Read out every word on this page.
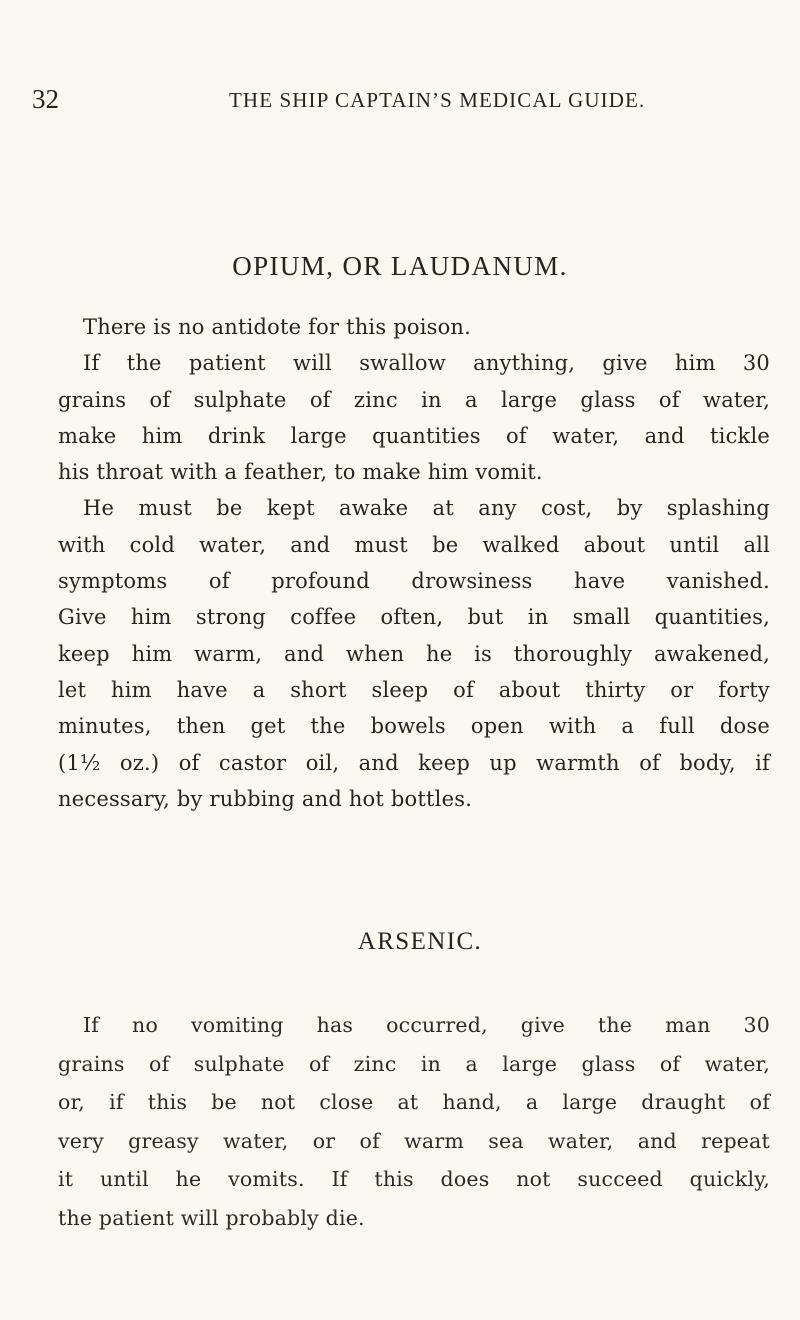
32	THE SHIP CAPTAIN’S MEDICAL GUIDE.
OPIUM, OR LAUDANUM.
There is no antidote for this poison.
If the patient will swallow anything, give him 30
grains of sulphate of zinc in a large glass of water,
make him drink large quantities of water, and tickle
his throat with a feather, to make him vomit.
He must be kept awake at any cost, by splashing
with cold water, and must be walked about until all
symptoms of profound drowsiness have vanished.
Give him strong coffee often, but in small quantities,
keep him warm, and when he is thoroughly awakened,
let him have a short sleep of about thirty or forty
minutes, then get the bowels open with a full dose
(1½ oz.) of castor oil, and keep up warmth of body, if
necessary, by rubbing and hot bottles.
ARSENIC.
If no vomiting has occurred, give the man 30
grains of sulphate of zinc in a large glass of water,
or, if this be not close at hand, a large draught of
very greasy water, or of warm sea water, and repeat
it until he vomits. If this does not succeed quickly,
the patient will probably die.
